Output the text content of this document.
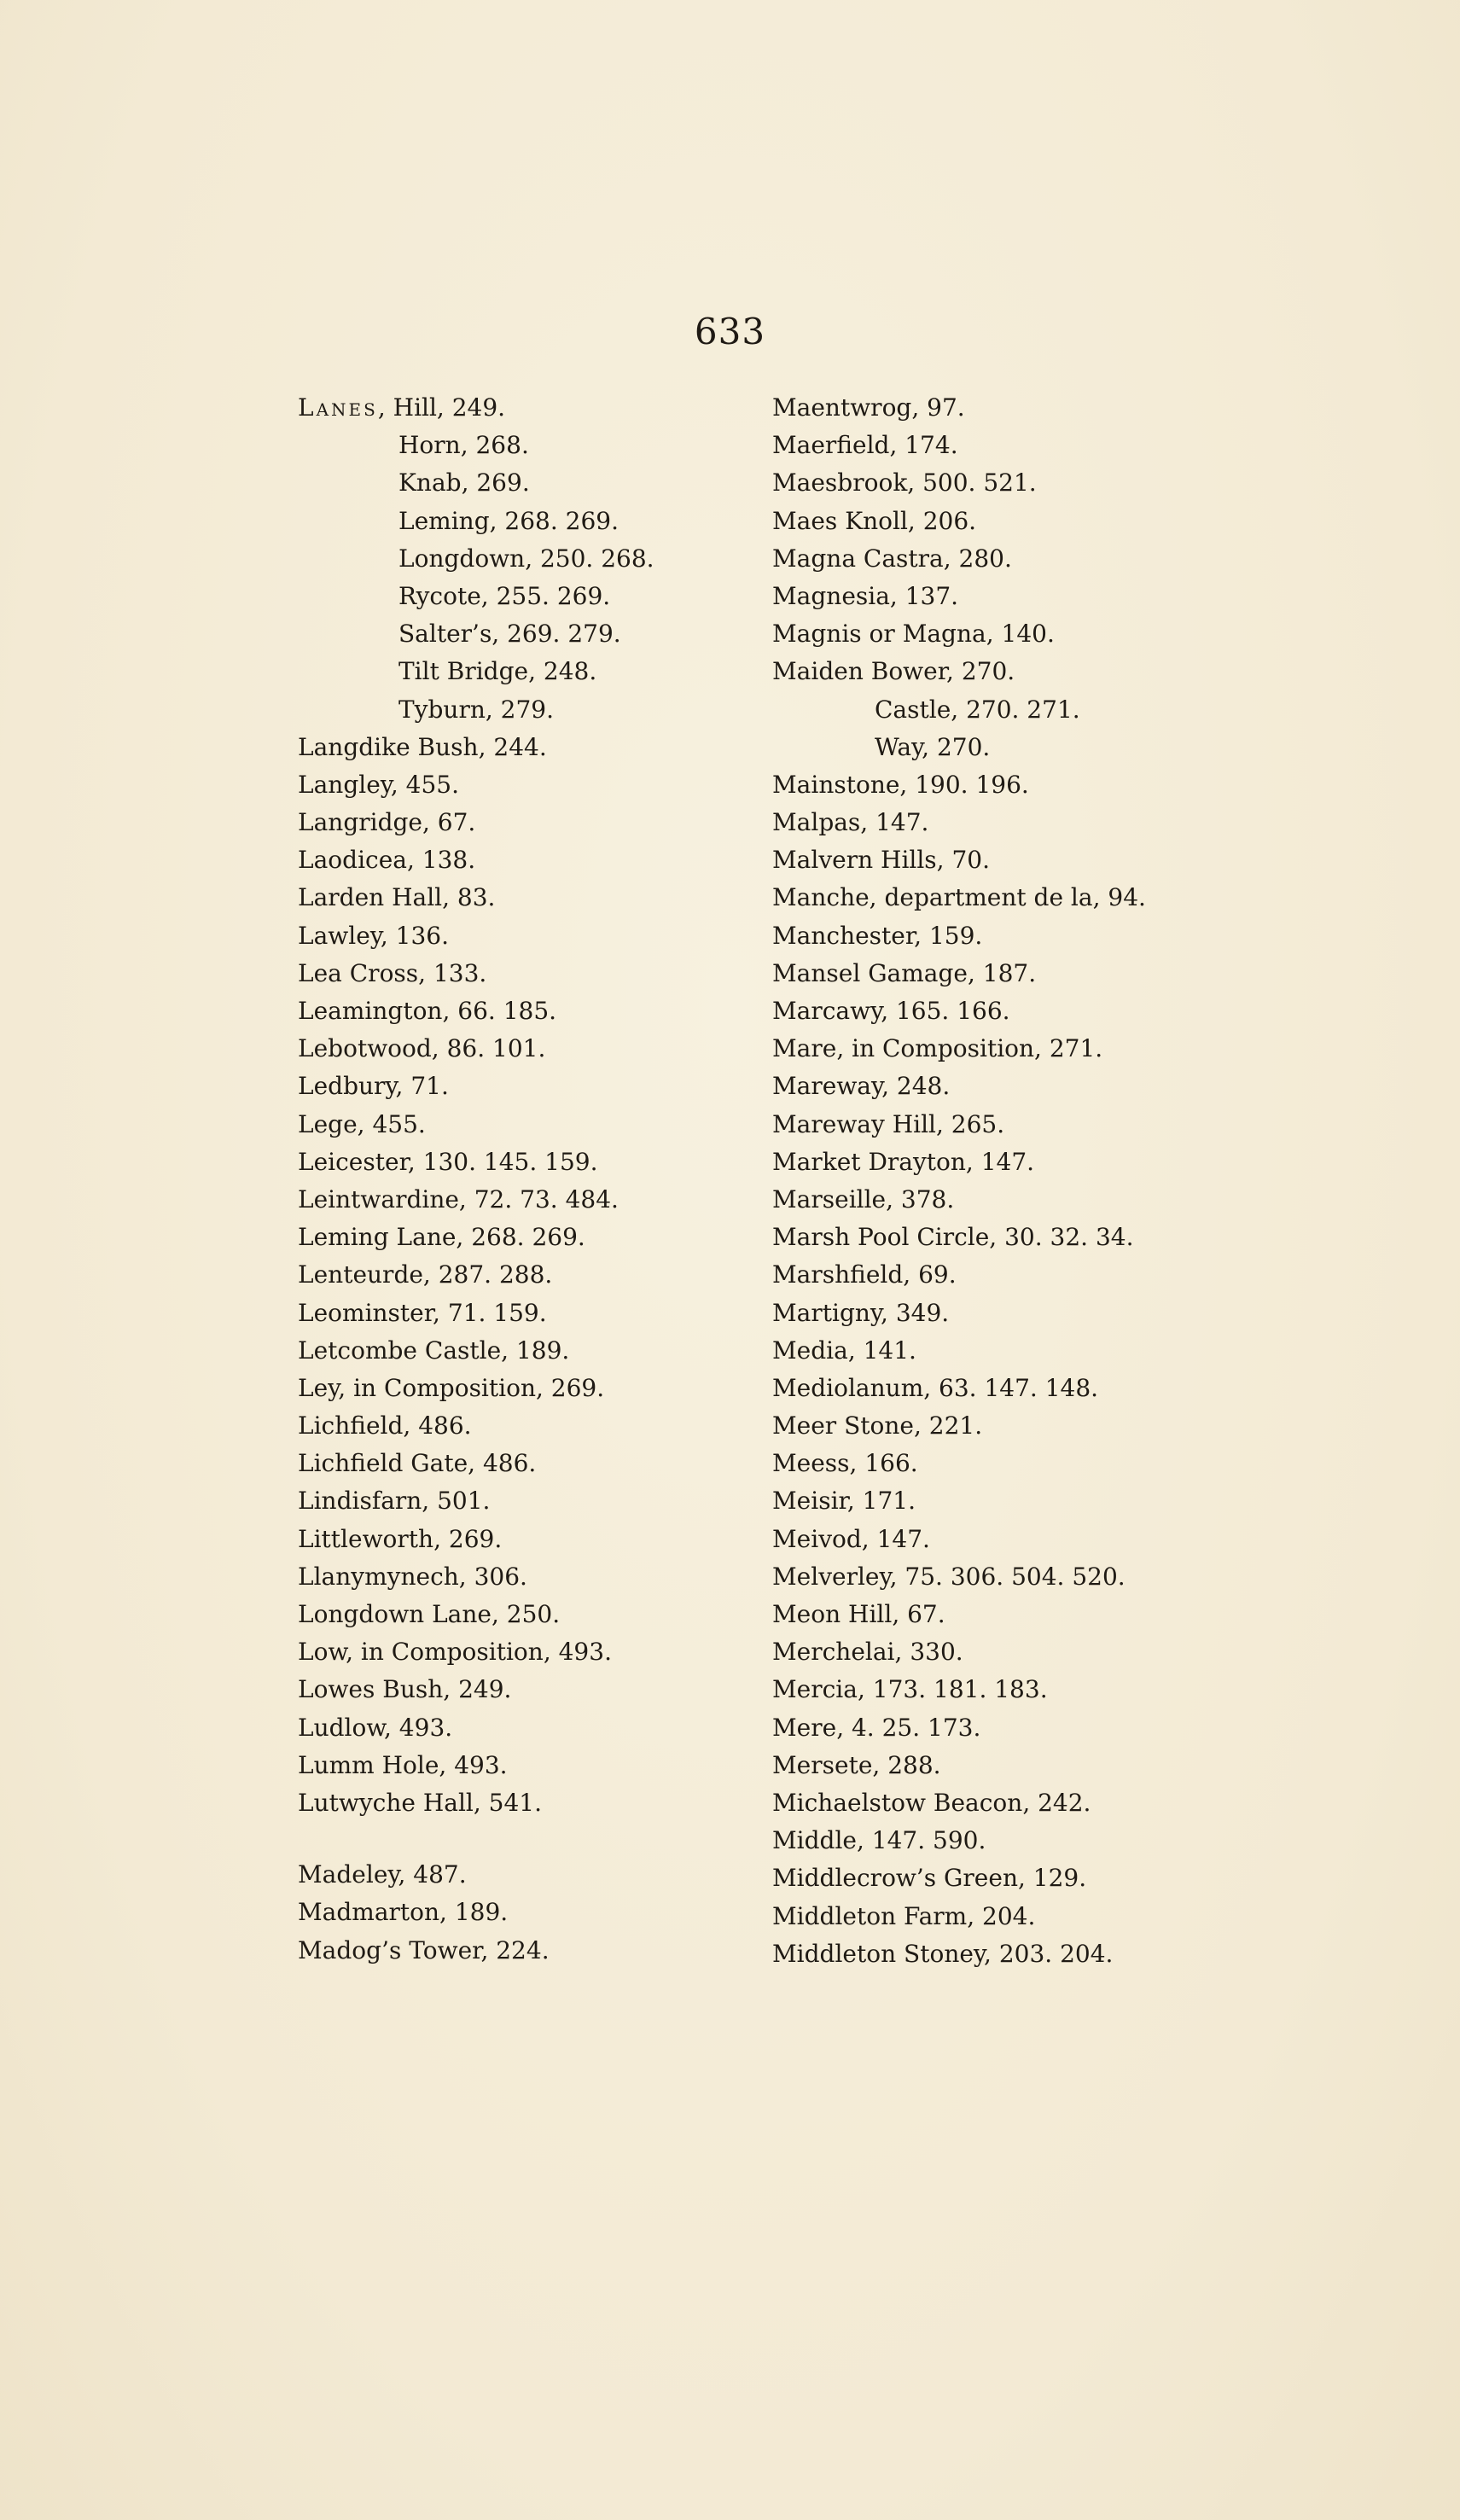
633
Lanes, Hill, 249.
Horn, 268.
Knab, 269.
Leming, 268. 269.
Longdown, 250. 268.
Rycote, 255. 269.
Salter’s, 269. 279.
Tilt Bridge, 248.
Tyburn, 279.
Langdike Bush, 244.
Langley, 455.
Langridge, 67.
Laodicea, 138.
Larden Hall, 83.
Lawley, 136.
Lea Cross, 133.
Leamington, 66. 185.
Lebotwood, 86. 101.
Ledbury, 71.
Lege, 455.
Leicester, 130. 145. 159.
Leintwardine, 72. 73. 484.
Leming Lane, 268. 269.
Lenteurde, 287. 288.
Leominster, 71. 159.
Letcombe Castle, 189.
Ley, in Composition, 269.
Lichfield, 486.
Lichfield Gate, 486.
Lindisfarn, 501.
Littleworth, 269.
Llanymynech, 306.
Longdown Lane, 250.
Low, in Composition, 493.
Lowes Bush, 249.
Ludlow, 493.
Lumm Hole, 493.
Lutwyche Hall, 541.
Madeley, 487.
Madmarton, 189.
Madog’s Tower, 224.
Maentwrog, 97.
Maerfield, 174.
Maesbrook, 500. 521.
Maes Knoll, 206.
Magna Castra, 280.
Magnesia, 137.
Magnis or Magna, 140.
Maiden Bower, 270.
Castle, 270. 271.
Way, 270.
Mainstone, 190. 196.
Malpas, 147.
Malvern Hills, 70.
Manche, department de la, 94.
Manchester, 159.
Mansel Gamage, 187.
Marcawy, 165. 166.
Mare, in Composition, 271.
Mareway, 248.
Mareway Hill, 265.
Market Drayton, 147.
Marseille, 378.
Marsh Pool Circle, 30. 32. 34.
Marshfield, 69.
Martigny, 349.
Media, 141.
Mediolanum, 63. 147. 148.
Meer Stone, 221.
Meess, 166.
Meisir, 171.
Meivod, 147.
Melverley, 75. 306. 504. 520.
Meon Hill, 67.
Merchelai, 330.
Mercia, 173. 181. 183.
Mere, 4. 25. 173.
Mersete, 288.
Michaelstow Beacon, 242.
Middle, 147. 590.
Middlecrow’s Green, 129.
Middleton Farm, 204.
Middleton Stoney, 203. 204.
